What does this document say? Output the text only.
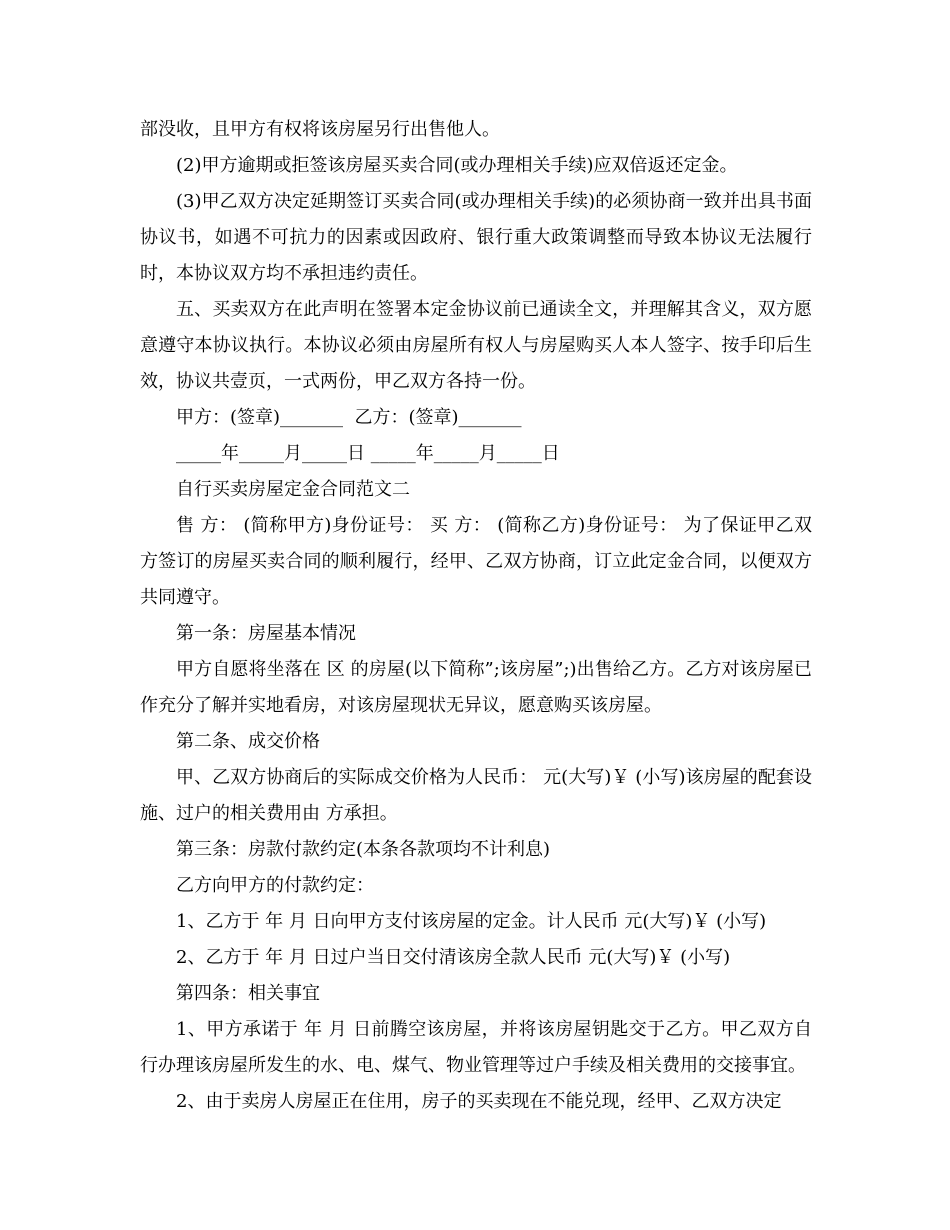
部没收，且甲方有权将该房屋另行出售他人。

(2)甲方逾期或拒签该房屋买卖合同(或办理相关手续)应双倍返还定金。

(3)甲乙双方决定延期签订买卖合同(或办理相关手续)的必须协商一致并出具书面协议书，如遇不可抗力的因素或因政府、银行重大政策调整而导致本协议无法履行时，本协议双方均不承担违约责任。

五、买卖双方在此声明在签署本定金协议前已通读全文，并理解其含义，双方愿意遵守本协议执行。本协议必须由房屋所有权人与房屋购买人本人签字、按手印后生效，协议共壹页，一式两份，甲乙双方各持一份。

甲方：(签章)_______  乙方：(签章)_______

_____年_____月_____日 _____年_____月_____日

自行买卖房屋定金合同范文二

售 方： (简称甲方)身份证号： 买 方： (简称乙方)身份证号： 为了保证甲乙双方签订的房屋买卖合同的顺利履行，经甲、乙双方协商，订立此定金合同，以便双方共同遵守。

第一条：房屋基本情况

甲方自愿将坐落在 区 的房屋(以下简称”;该房屋”;)出售给乙方。乙方对该房屋已作充分了解并实地看房，对该房屋现状无异议，愿意购买该房屋。

第二条、成交价格

甲、乙双方协商后的实际成交价格为人民币： 元(大写)￥ (小写)该房屋的配套设施、过户的相关费用由 方承担。

第三条：房款付款约定(本条各款项均不计利息)

乙方向甲方的付款约定：

1、乙方于 年 月 日向甲方支付该房屋的定金。计人民币 元(大写)￥ (小写)

2、乙方于 年 月 日过户当日交付清该房全款人民币 元(大写)￥ (小写)

第四条：相关事宜

1、甲方承诺于 年 月 日前腾空该房屋，并将该房屋钥匙交于乙方。甲乙双方自行办理该房屋所发生的水、电、煤气、物业管理等过户手续及相关费用的交接事宜。

2、由于卖房人房屋正在住用，房子的买卖现在不能兑现，经甲、乙双方决定
